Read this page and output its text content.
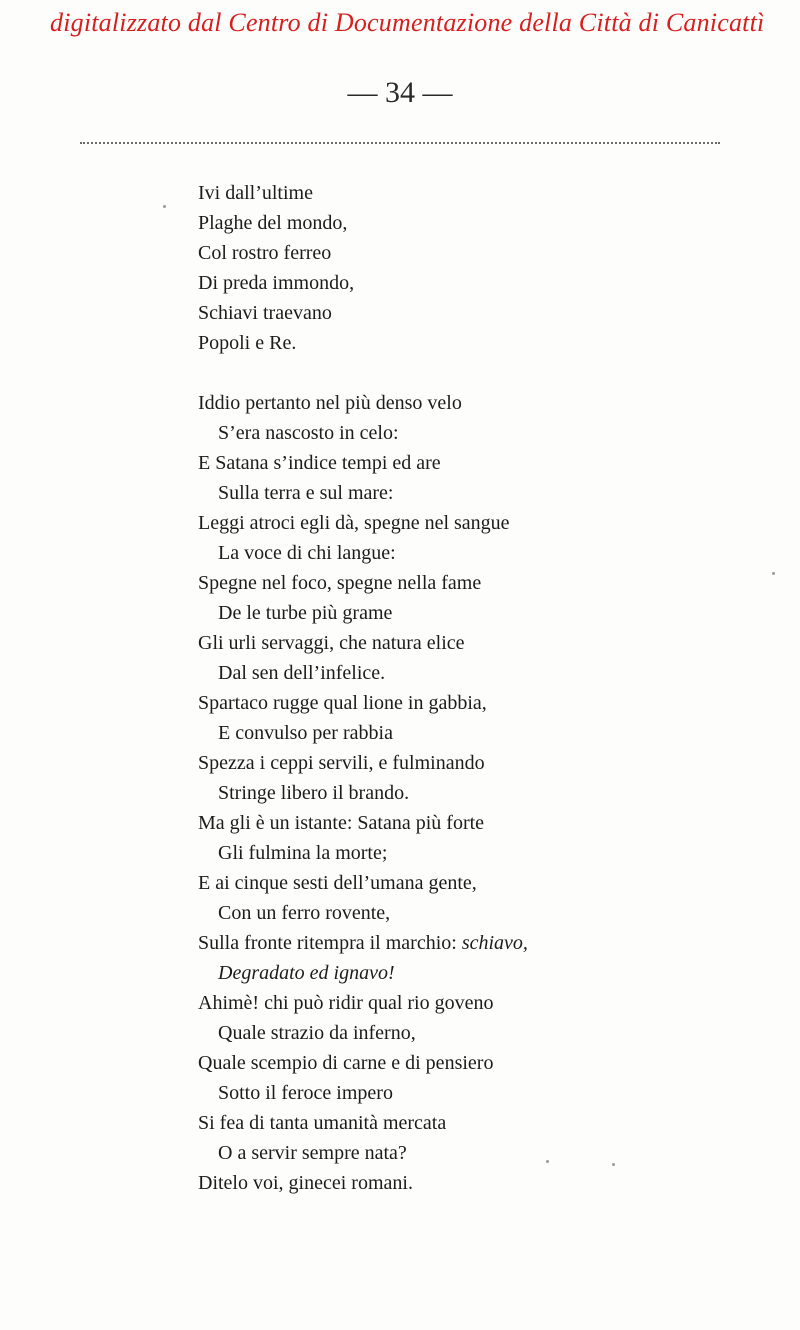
digitalizzato dal Centro di Documentazione della Città di Canicattì
— 34 —
Ivi dall’ultime
Plaghe del mondo,
Col rostro ferreo
Di preda immondo,
Schiavi traevano
Popoli e Re.
Iddio pertanto nel più denso velo
S’era nascosto in celo:
E Satana s’indice tempi ed are
Sulla terra e sul mare:
Leggi atroci egli dà, spegne nel sangue
La voce di chi langue:
Spegne nel foco, spegne nella fame
De le turbe più grame
Gli urli servaggi, che natura elice
Dal sen dell’infelice.
Spartaco rugge qual lione in gabbia,
E convulso per rabbia
Spezza i ceppi servili, e fulminando
Stringe libero il brando.
Ma gli è un istante: Satana più forte
Gli fulmina la morte;
E ai cinque sesti dell’umana gente,
Con un ferro rovente,
Sulla fronte ritempra il marchio: schiavo,
Degradato ed ignavo!
Ahimè! chi può ridir qual rio goveno
Quale strazio da inferno,
Quale scempio di carne e di pensiero
Sotto il feroce impero
Si fea di tanta umanità mercata
O a servir sempre nata?
Ditelo voi, ginecei romani.
